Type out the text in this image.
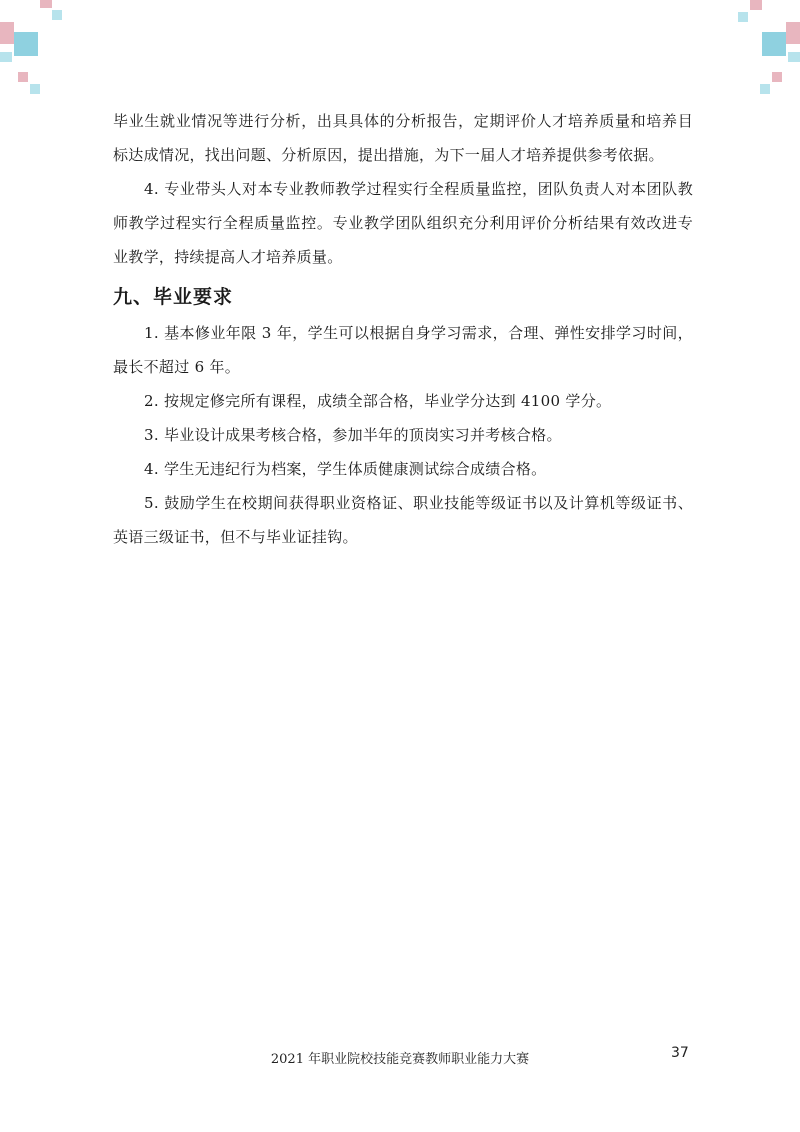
毕业生就业情况等进行分析，出具具体的分析报告，定期评价人才培养质量和培养目标达成情况，找出问题、分析原因，提出措施，为下一届人才培养提供参考依据。

4. 专业带头人对本专业教师教学过程实行全程质量监控，团队负责人对本团队教师教学过程实行全程质量监控。专业教学团队组织充分利用评价分析结果有效改进专业教学，持续提高人才培养质量。

九、毕业要求

1. 基本修业年限 3 年，学生可以根据自身学习需求，合理、弹性安排学习时间，最长不超过 6 年。

2. 按规定修完所有课程，成绩全部合格，毕业学分达到 4100 学分。

3. 毕业设计成果考核合格，参加半年的顶岗实习并考核合格。

4. 学生无违纪行为档案，学生体质健康测试综合成绩合格。

5. 鼓励学生在校期间获得职业资格证、职业技能等级证书以及计算机等级证书、英语三级证书，但不与毕业证挂钩。

2021 年职业院校技能竞赛教师职业能力大赛	37
